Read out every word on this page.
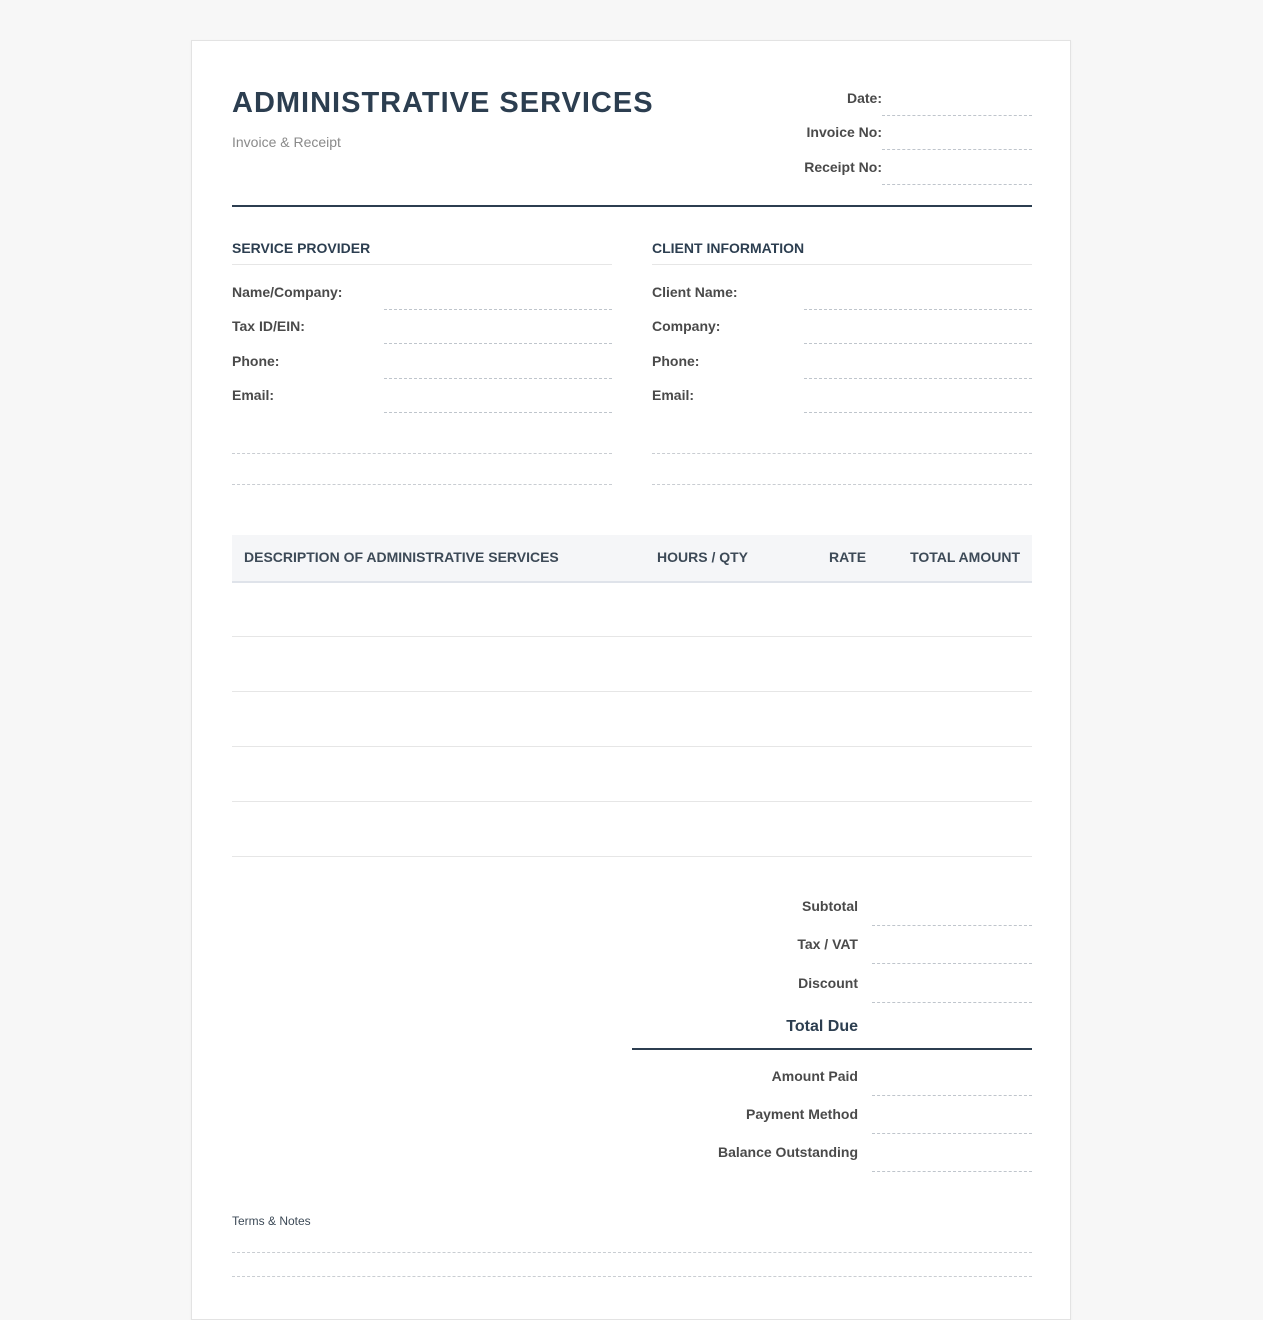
ADMINISTRATIVE SERVICES
Invoice & Receipt
Date:
Invoice No:
Receipt No:
SERVICE PROVIDER
Name/Company:
Tax ID/EIN:
Phone:
Email:
CLIENT INFORMATION
Client Name:
Company:
Phone:
Email:
DESCRIPTION OF ADMINISTRATIVE SERVICES	HOURS / QTY	RATE	TOTAL AMOUNT
Subtotal
Tax / VAT
Discount
Total Due
Amount Paid
Payment Method
Balance Outstanding
Terms & Notes
